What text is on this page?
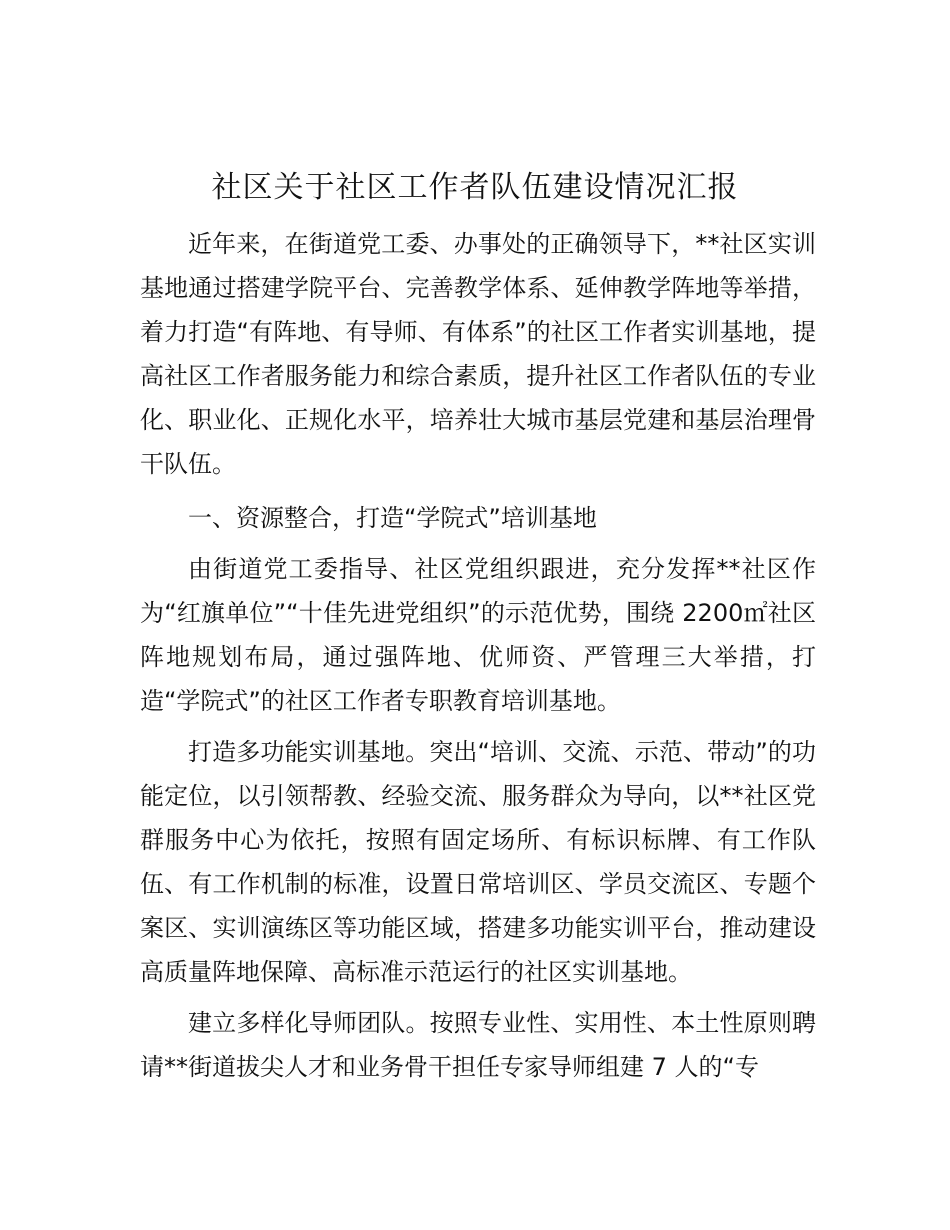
社区关于社区工作者队伍建设情况汇报

近年来，在街道党工委、办事处的正确领导下，**社区实训基地通过搭建学院平台、完善教学体系、延伸教学阵地等举措，着力打造“有阵地、有导师、有体系”的社区工作者实训基地，提高社区工作者服务能力和综合素质，提升社区工作者队伍的专业化、职业化、正规化水平，培养壮大城市基层党建和基层治理骨干队伍。

一、资源整合，打造“学院式”培训基地

由街道党工委指导、社区党组织跟进，充分发挥**社区作为“红旗单位”“十佳先进党组织”的示范优势，围绕 2200㎡社区阵地规划布局，通过强阵地、优师资、严管理三大举措，打造“学院式”的社区工作者专职教育培训基地。

打造多功能实训基地。突出“培训、交流、示范、带动”的功能定位，以引领帮教、经验交流、服务群众为导向，以**社区党群服务中心为依托，按照有固定场所、有标识标牌、有工作队伍、有工作机制的标准，设置日常培训区、学员交流区、专题个案区、实训演练区等功能区域，搭建多功能实训平台，推动建设高质量阵地保障、高标准示范运行的社区实训基地。

建立多样化导师团队。按照专业性、实用性、本土性原则聘请**街道拔尖人才和业务骨干担任专家导师组建 7 人的“专
